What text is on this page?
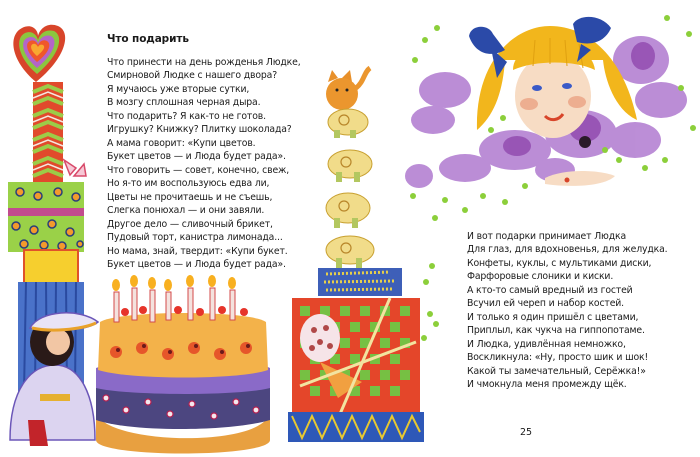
Что подарить
Что принести на день рожденья Людке,
Смирновой Людке с нашего двора?
Я мучаюсь уже вторые сутки,
В мозгу сплошная черная дыра.
Что подарить? Я как-то не готов.
Игрушку? Книжку? Плитку шоколада?
А мама говорит: «Купи цветов.
Букет цветов — и Люда будет рада».
Что говорить — совет, конечно, свеж,
Но я-то им воспользуюсь едва ли,
Цветы не прочитаешь и не съешь,
Слегка понюхал — и они завяли.
Другое дело — сливочный брикет,
Пудовый торт, канистра лимонада...
Но мама, знай, твердит: «Купи букет.
Букет цветов — и Люда будет рада».
И вот подарки принимает Людка
Для глаз, для вдохновенья, для желудка.
Конфеты, куклы, с мультиками диски,
Фарфоровые слоники и киски.
А кто-то самый вредный из гостей
Всучил ей череп и набор костей.
И только я один пришёл с цветами,
Приплыл, как чукча на гиппопотаме.
И Людка, удивлённая немножко,
Воскликнула: «Ну, просто шик и шок!
Какой ты замечательный, Серёжка!»
И чмокнула меня промежду щёк.
25
